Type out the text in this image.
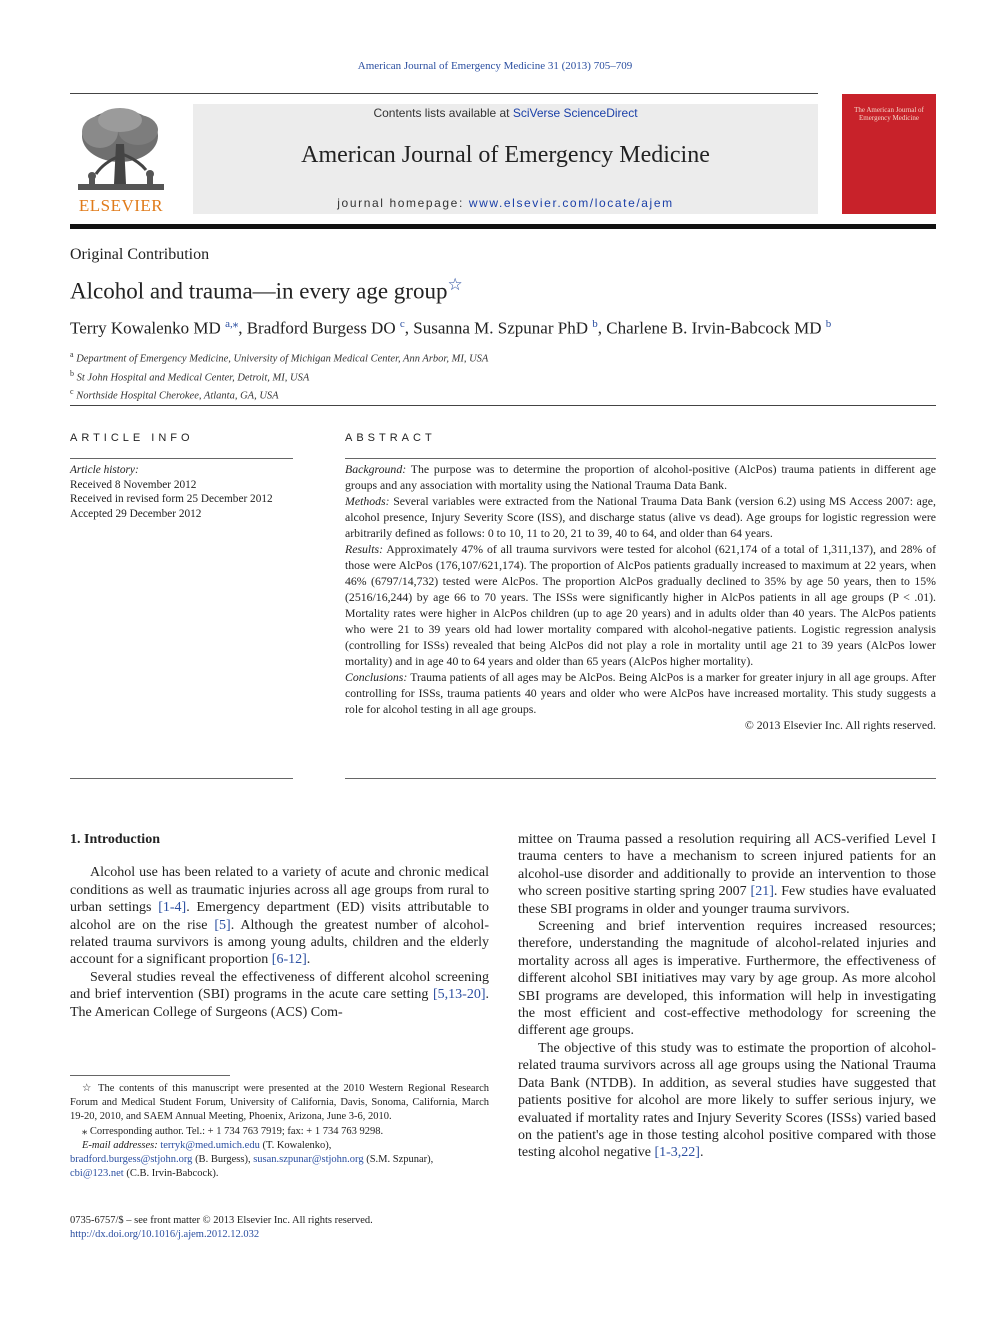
American Journal of Emergency Medicine 31 (2013) 705–709
ELSEVIER
Contents lists available at SciVerse ScienceDirect
American Journal of Emergency Medicine
journal homepage: www.elsevier.com/locate/ajem
The American Journal of Emergency Medicine
Original Contribution
Alcohol and trauma—in every age group☆
Terry Kowalenko MD $^{a,⁎}$, Bradford Burgess DO $^c$, Susanna M. Szpunar PhD $^b$, Charlene B. Irvin-Babcock MD $^b$
$^a$ Department of Emergency Medicine, University of Michigan Medical Center, Ann Arbor, MI, USA
$^b$ St John Hospital and Medical Center, Detroit, MI, USA
$^c$ Northside Hospital Cherokee, Atlanta, GA, USA
ARTICLE INFO
Article history:
Received 8 November 2012
Received in revised form 25 December 2012
Accepted 29 December 2012
ABSTRACT

Background: The purpose was to determine the proportion of alcohol-positive (AlcPos) trauma patients in different age groups and any association with mortality using the National Trauma Data Bank.

Methods: Several variables were extracted from the National Trauma Data Bank (version 6.2) using MS Access 2007: age, alcohol presence, Injury Severity Score (ISS), and discharge status (alive vs dead). Age groups for logistic regression were arbitrarily defined as follows: 0 to 10, 11 to 20, 21 to 39, 40 to 64, and older than 64 years.

Results: Approximately 47% of all trauma survivors were tested for alcohol (621,174 of a total of 1,311,137), and 28% of those were AlcPos (176,107/621,174). The proportion of AlcPos patients gradually increased to maximum at 22 years, when 46% (6797/14,732) tested were AlcPos. The proportion AlcPos gradually declined to 35% by age 50 years, then to 15% (2516/16,244) by age 66 to 70 years. The ISSs were significantly higher in AlcPos patients in all age groups (P < .01). Mortality rates were higher in AlcPos children (up to age 20 years) and in adults older than 40 years. The AlcPos patients who were 21 to 39 years old had lower mortality compared with alcohol-negative patients. Logistic regression analysis (controlling for ISSs) revealed that being AlcPos did not play a role in mortality until age 21 to 39 years (AlcPos lower mortality) and in age 40 to 64 years and older than 65 years (AlcPos higher mortality).

Conclusions: Trauma patients of all ages may be AlcPos. Being AlcPos is a marker for greater injury in all age groups. After controlling for ISSs, trauma patients 40 years and older who were AlcPos have increased mortality. This study suggests a role for alcohol testing in all age groups.

© 2013 Elsevier Inc. All rights reserved.

1. Introduction

Alcohol use has been related to a variety of acute and chronic medical conditions as well as traumatic injuries across all age groups from rural to urban settings [1-4]. Emergency department (ED) visits attributable to alcohol are on the rise [5]. Although the greatest number of alcohol-related trauma survivors is among young adults, children and the elderly account for a significant proportion [6-12].

Several studies reveal the effectiveness of different alcohol screening and brief intervention (SBI) programs in the acute care setting [5,13-20]. The American College of Surgeons (ACS) Com-

☆ The contents of this manuscript were presented at the 2010 Western Regional Research Forum and Medical Student Forum, University of California, Davis, Sonoma, California, March 19-20, 2010, and SAEM Annual Meeting, Phoenix, Arizona, June 3-6, 2010.
⁎ Corresponding author. Tel.: + 1 734 763 7919; fax: + 1 734 763 9298.
E-mail addresses: terryk@med.umich.edu (T. Kowalenko),
bradford.burgess@stjohn.org (B. Burgess), susan.szpunar@stjohn.org (S.M. Szpunar),
cbi@123.net (C.B. Irvin-Babcock).
0735-6757/$ – see front matter © 2013 Elsevier Inc. All rights reserved.
http://dx.doi.org/10.1016/j.ajem.2012.12.032

mittee on Trauma passed a resolution requiring all ACS-verified Level I trauma centers to have a mechanism to screen injured patients for an alcohol-use disorder and additionally to provide an intervention to those who screen positive starting spring 2007 [21]. Few studies have evaluated these SBI programs in older and younger trauma survivors.

Screening and brief intervention requires increased resources; therefore, understanding the magnitude of alcohol-related injuries and mortality across all ages is imperative. Furthermore, the effectiveness of different alcohol SBI initiatives may vary by age group. As more alcohol SBI programs are developed, this information will help in investigating the most efficient and cost-effective methodology for screening the different age groups.

The objective of this study was to estimate the proportion of alcohol-related trauma survivors across all age groups using the National Trauma Data Bank (NTDB). In addition, as several studies have suggested that patients positive for alcohol are more likely to suffer serious injury, we evaluated if mortality rates and Injury Severity Scores (ISSs) varied based on the patient's age in those testing alcohol positive compared with those testing alcohol negative [1-3,22].
